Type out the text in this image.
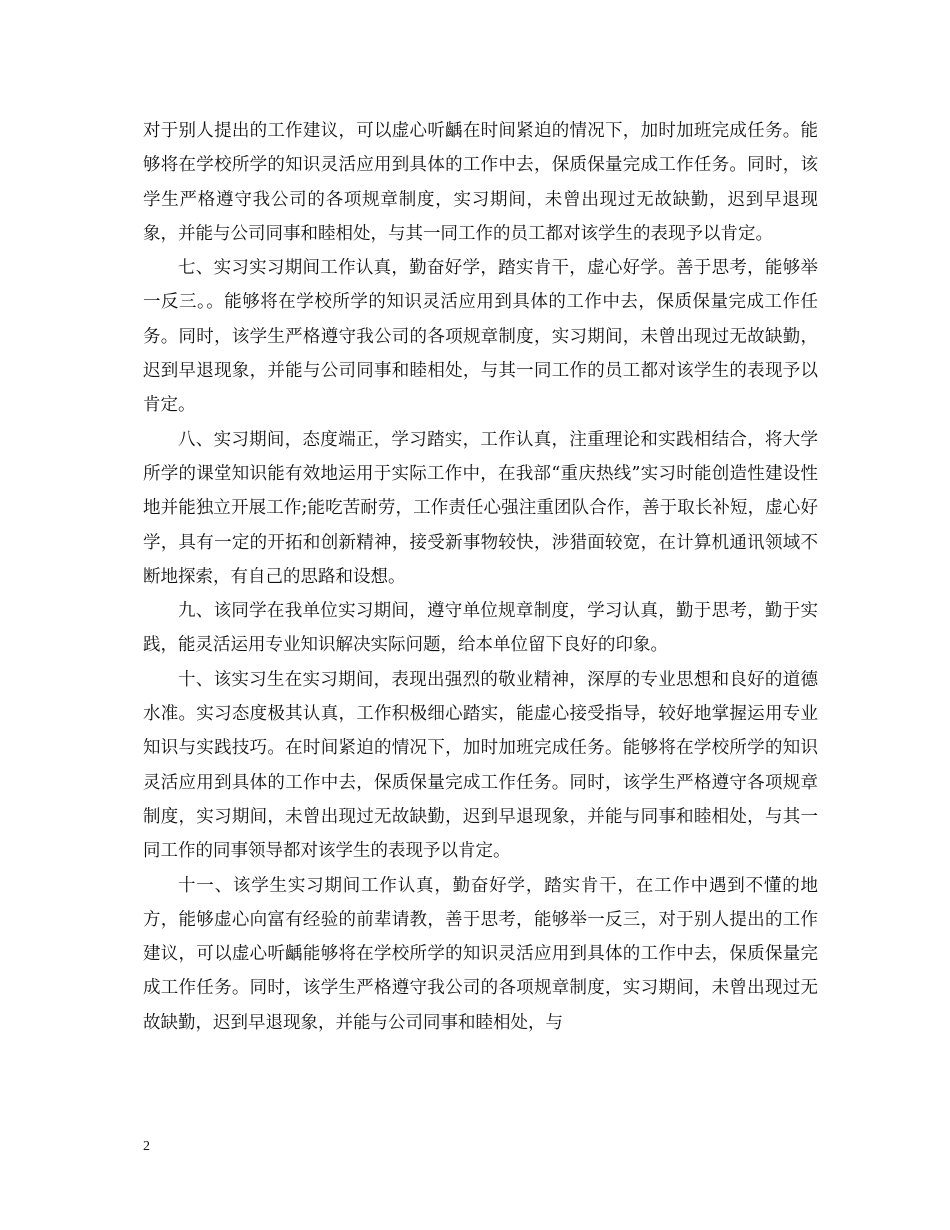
对于别人提出的工作建议，可以虚心听齲在时间紧迫的情况下，加时加班完成任务。能够将在学校所学的知识灵活应用到具体的工作中去，保质保量完成工作任务。同时，该学生严格遵守我公司的各项规章制度，实习期间，未曾出现过无故缺勤，迟到早退现象，并能与公司同事和睦相处，与其一同工作的员工都对该学生的表现予以肯定。

七、实习实习期间工作认真，勤奋好学，踏实肯干，虚心好学。善于思考，能够举一反三。。能够将在学校所学的知识灵活应用到具体的工作中去，保质保量完成工作任务。同时，该学生严格遵守我公司的各项规章制度，实习期间，未曾出现过无故缺勤，迟到早退现象，并能与公司同事和睦相处，与其一同工作的员工都对该学生的表现予以肯定。

八、实习期间，态度端正，学习踏实，工作认真，注重理论和实践相结合，将大学所学的课堂知识能有效地运用于实际工作中，在我部“重庆热线”实习时能创造性建设性地并能独立开展工作;能吃苦耐劳，工作责任心强注重团队合作，善于取长补短，虚心好学，具有一定的开拓和创新精神，接受新事物较快，涉猎面较宽，在计算机通讯领域不断地探索，有自己的思路和设想。

九、该同学在我单位实习期间，遵守单位规章制度，学习认真，勤于思考，勤于实践，能灵活运用专业知识解决实际问题，给本单位留下良好的印象。

十、该实习生在实习期间，表现出强烈的敬业精神，深厚的专业思想和良好的道德水准。实习态度极其认真，工作积极细心踏实，能虚心接受指导，较好地掌握运用专业知识与实践技巧。在时间紧迫的情况下，加时加班完成任务。能够将在学校所学的知识灵活应用到具体的工作中去，保质保量完成工作任务。同时，该学生严格遵守各项规章制度，实习期间，未曾出现过无故缺勤，迟到早退现象，并能与同事和睦相处，与其一同工作的同事领导都对该学生的表现予以肯定。

十一、该学生实习期间工作认真，勤奋好学，踏实肯干，在工作中遇到不懂的地方，能够虚心向富有经验的前辈请教，善于思考，能够举一反三，对于别人提出的工作建议，可以虚心听齲能够将在学校所学的知识灵活应用到具体的工作中去，保质保量完成工作任务。同时，该学生严格遵守我公司的各项规章制度，实习期间，未曾出现过无故缺勤，迟到早退现象，并能与公司同事和睦相处，与

2
